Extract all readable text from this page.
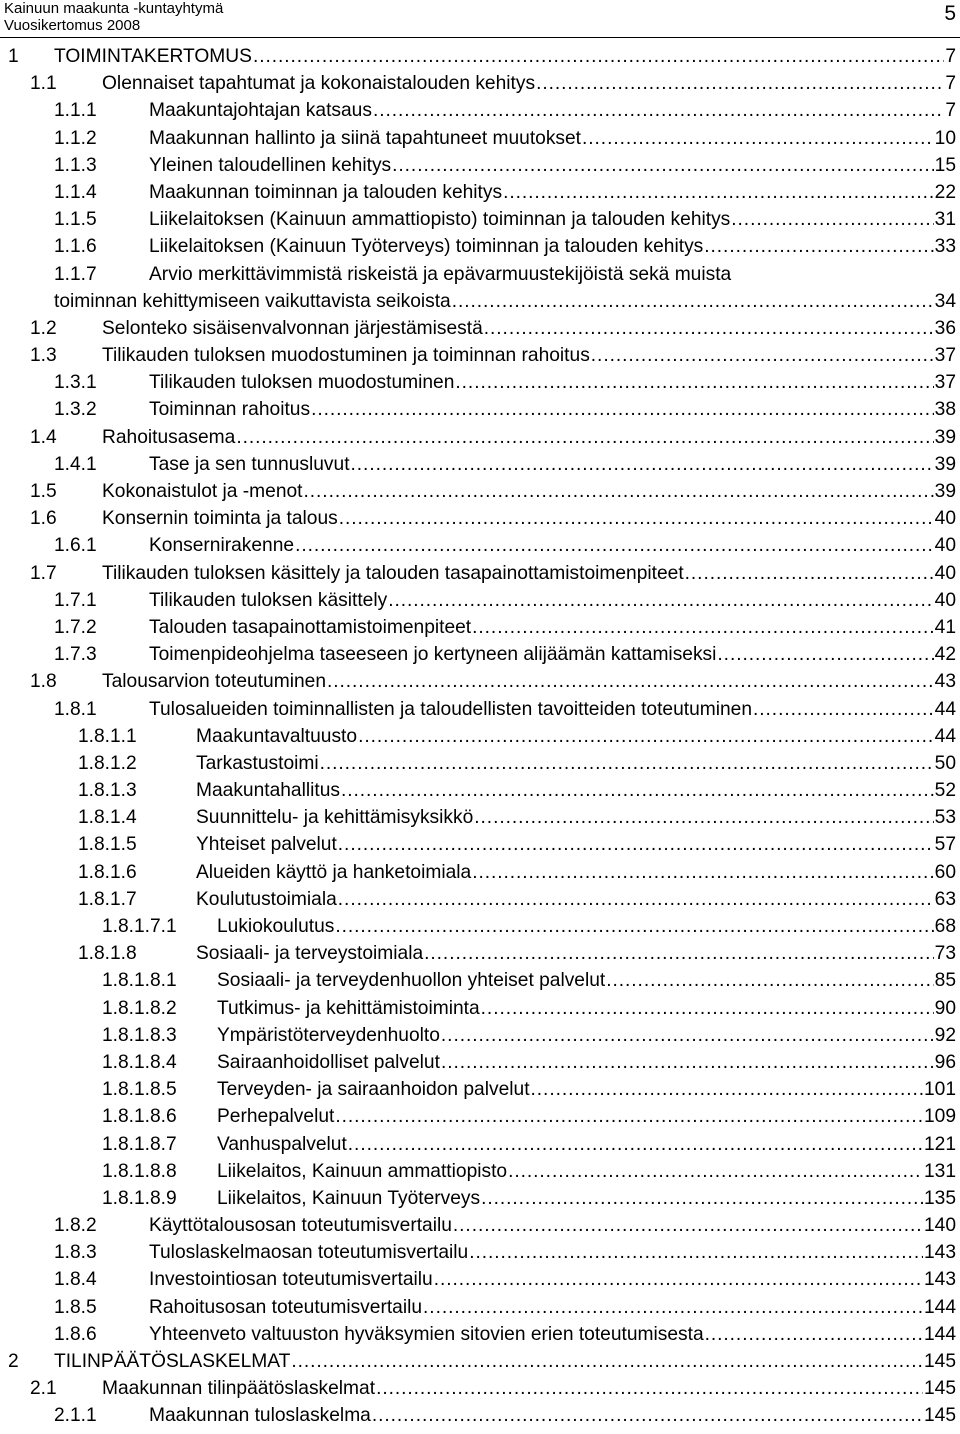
Kainuun maakunta -kuntayhtymä
Vuosikertomus 2008
5
1 TOIMINTAKERTOMUS . . .	7
1.1 Olennaiset tapahtumat ja kokonaistalouden kehitys . . .	7
1.1.1	Maakuntajohtajan katsaus . . .	7
1.1.2	Maakunnan hallinto ja siinä tapahtuneet muutokset . . .	10
1.1.3	Yleinen taloudellinen kehitys . . .	15
1.1.4	Maakunnan toiminnan ja talouden kehitys . . .	22
1.1.5	Liikelaitoksen (Kainuun ammattiopisto) toiminnan ja talouden kehitys . . .	31
1.1.6	Liikelaitoksen (Kainuun Työterveys) toiminnan ja talouden kehitys . . .	33
1.1.7	Arvio merkittävimmistä riskeistä ja epävarmuustekijöistä sekä muista
toiminnan kehittymiseen vaikuttavista seikoista . . .	34
1.2 Selonteko sisäisenvalvonnan järjestämisestä . . .	36
1.3 Tilikauden tuloksen muodostuminen ja toiminnan rahoitus . . .	37
1.3.1	Tilikauden tuloksen muodostuminen . . .	37
1.3.2	Toiminnan rahoitus . . .	38
1.4 Rahoitusasema . . .	39
1.4.1	Tase ja sen tunnusluvut . . .	39
1.5 Kokonaistulot ja -menot . . .	39
1.6 Konsernin toiminta ja talous . . .	40
1.6.1	Konsernirakenne . . .	40
1.7 Tilikauden tuloksen käsittely ja talouden tasapainottamistoimenpiteet . . .	40
1.7.1	Tilikauden tuloksen käsittely . . .	40
1.7.2	Talouden tasapainottamistoimenpiteet . . .	41
1.7.3	Toimenpideohjelma taseeseen jo kertyneen alijäämän kattamiseksi . . .	42
1.8 Talousarvion toteutuminen . . .	43
1.8.1	Tulosalueiden toiminnallisten ja taloudellisten tavoitteiden toteutuminen . . .	44
1.8.1.1	Maakuntavaltuusto . . .	44
1.8.1.2	Tarkastustoimi . . .	50
1.8.1.3	Maakuntahallitus . . .	52
1.8.1.4	Suunnittelu- ja kehittämisyksikkö . . .	53
1.8.1.5	Yhteiset palvelut . . .	57
1.8.1.6	Alueiden käyttö ja hanketoimiala . . .	60
1.8.1.7	Koulutustoimiala . . .	63
1.8.1.7.1 Lukiokoulutus . . .	68
1.8.1.8	Sosiaali- ja terveystoimiala . . .	73
1.8.1.8.1 Sosiaali- ja terveydenhuollon yhteiset palvelut . . .	85
1.8.1.8.2 Tutkimus- ja kehittämistoiminta . . .	90
1.8.1.8.3 Ympäristöterveydenhuolto . . .	92
1.8.1.8.4 Sairaanhoidolliset palvelut . . .	96
1.8.1.8.5 Terveyden- ja sairaanhoidon palvelut . . .	101
1.8.1.8.6 Perhepalvelut . . .	109
1.8.1.8.7 Vanhuspalvelut . . .	121
1.8.1.8.8 Liikelaitos, Kainuun ammattiopisto . . .	131
1.8.1.8.9 Liikelaitos, Kainuun Työterveys . . .	135
1.8.2	Käyttötalousosan toteutumisvertailu . . .	140
1.8.3	Tuloslaskelmaosan toteutumisvertailu . . .	143
1.8.4	Investointiosan toteutumisvertailu . . .	143
1.8.5	Rahoitusosan toteutumisvertailu . . .	144
1.8.6	Yhteenveto valtuuston hyväksymien sitovien erien toteutumisesta . . .	144
2 TILINPÄÄTÖSLASKELMAT . . .	145
2.1 Maakunnan tilinpäätöslaskelmat . . .	145
2.1.1	Maakunnan tuloslaskelma . . .	145
